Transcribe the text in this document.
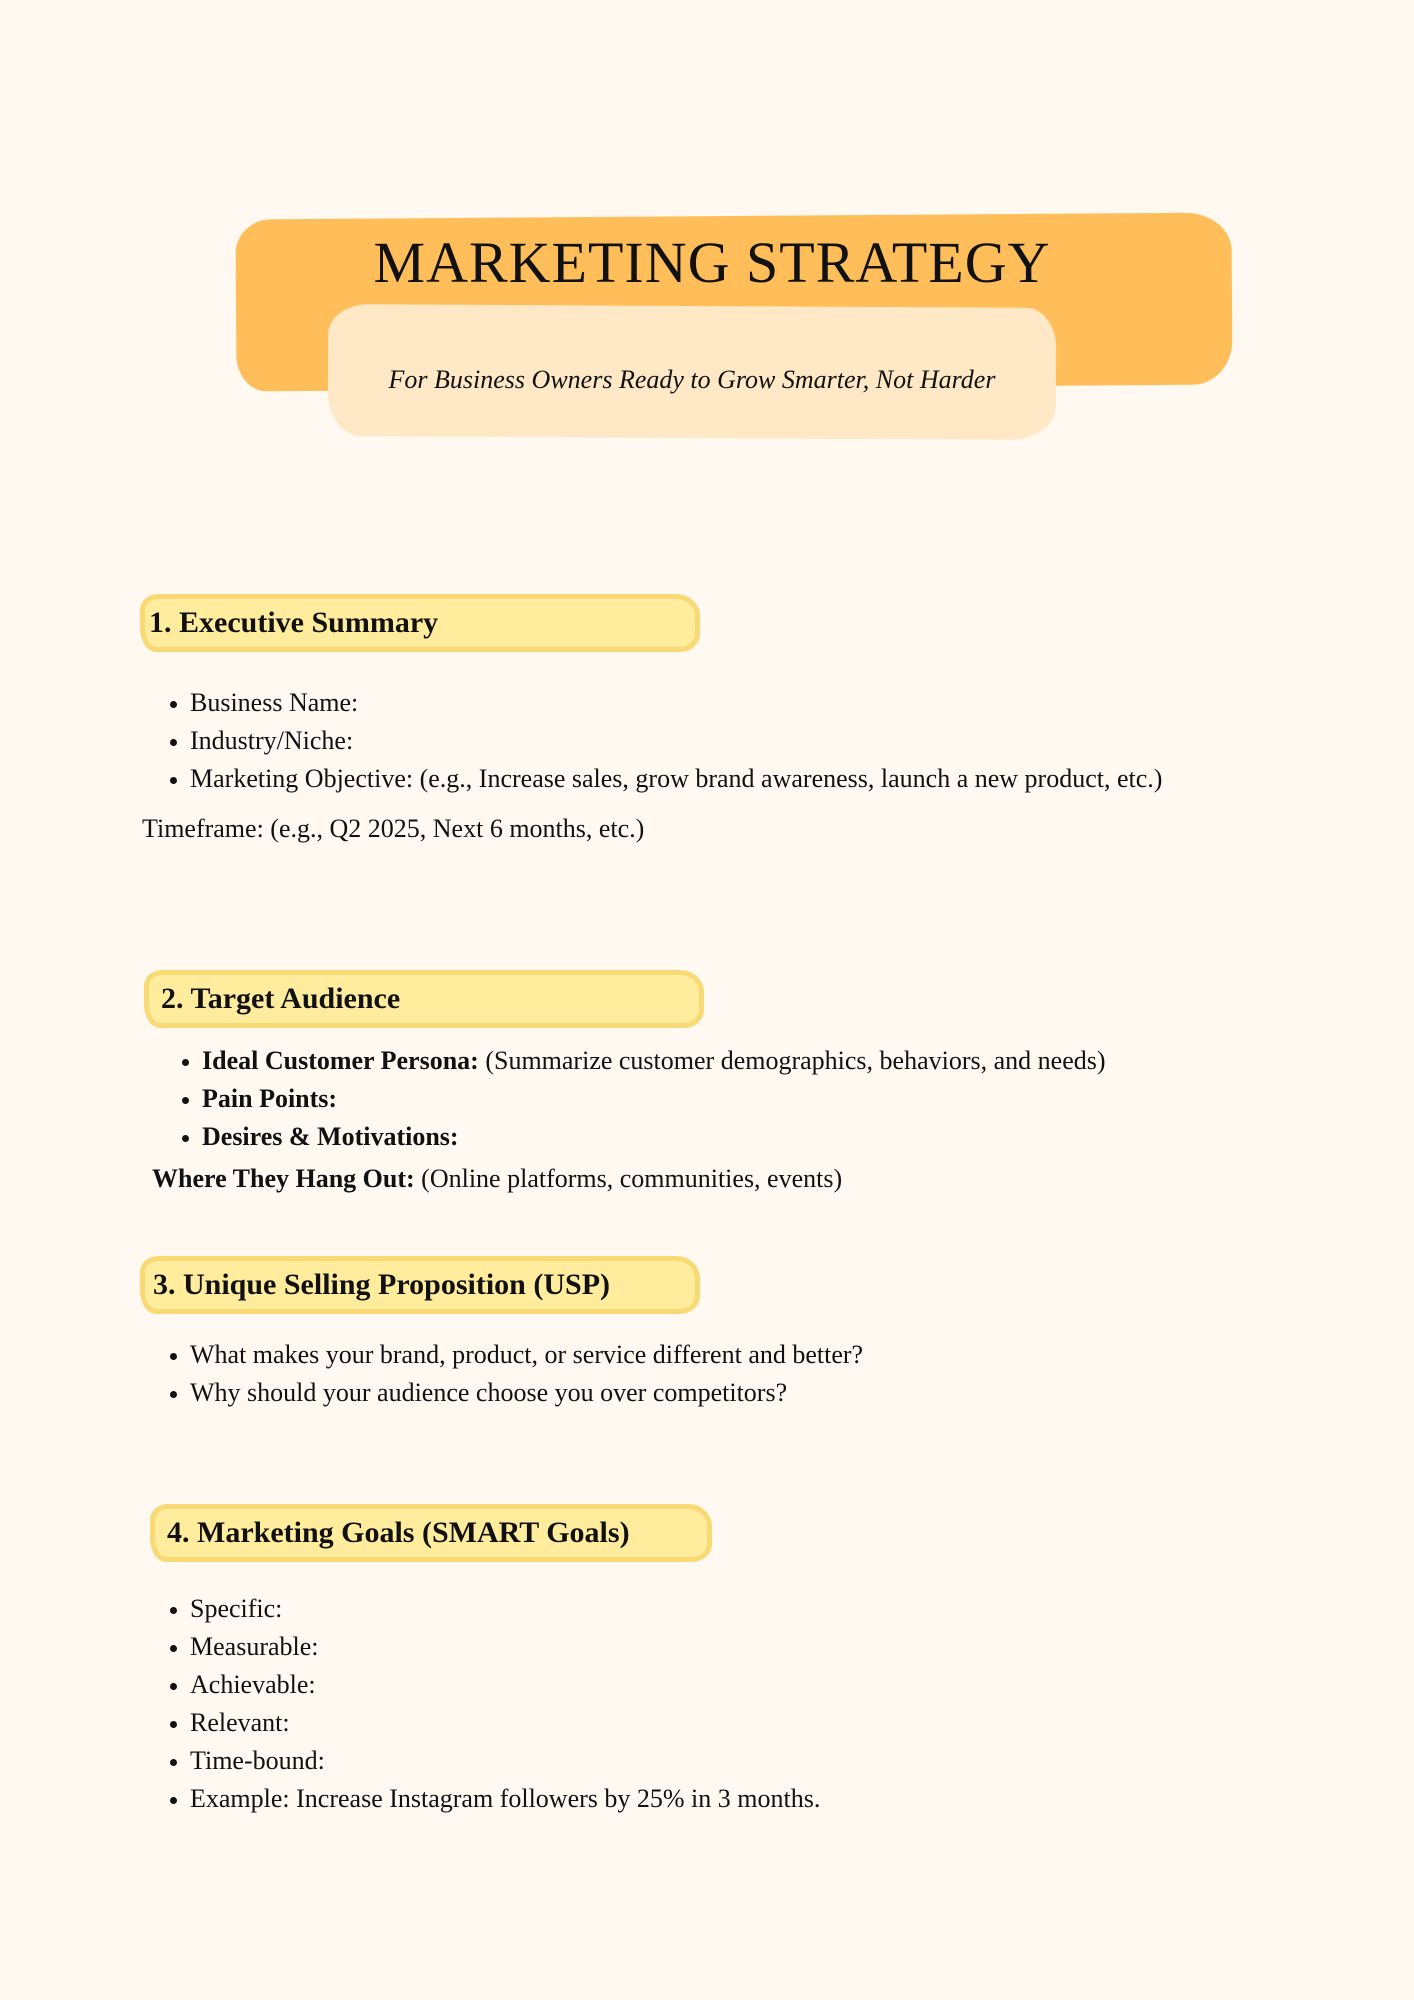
MARKETING STRATEGY

For Business Owners Ready to Grow Smarter, Not Harder

1. Executive Summary
• Business Name:
• Industry/Niche:
• Marketing Objective: (e.g., Increase sales, grow brand awareness, launch a new product, etc.)

Timeframe: (e.g., Q2 2025, Next 6 months, etc.)

2. Target Audience
• Ideal Customer Persona: (Summarize customer demographics, behaviors, and needs)
• Pain Points:
• Desires & Motivations:

Where They Hang Out: (Online platforms, communities, events)

3. Unique Selling Proposition (USP)
• What makes your brand, product, or service different and better?
• Why should your audience choose you over competitors?
4. Marketing Goals (SMART Goals)
• Specific:
• Measurable:
• Achievable:
• Relevant:
• Time-bound:
• Example: Increase Instagram followers by 25% in 3 months.
